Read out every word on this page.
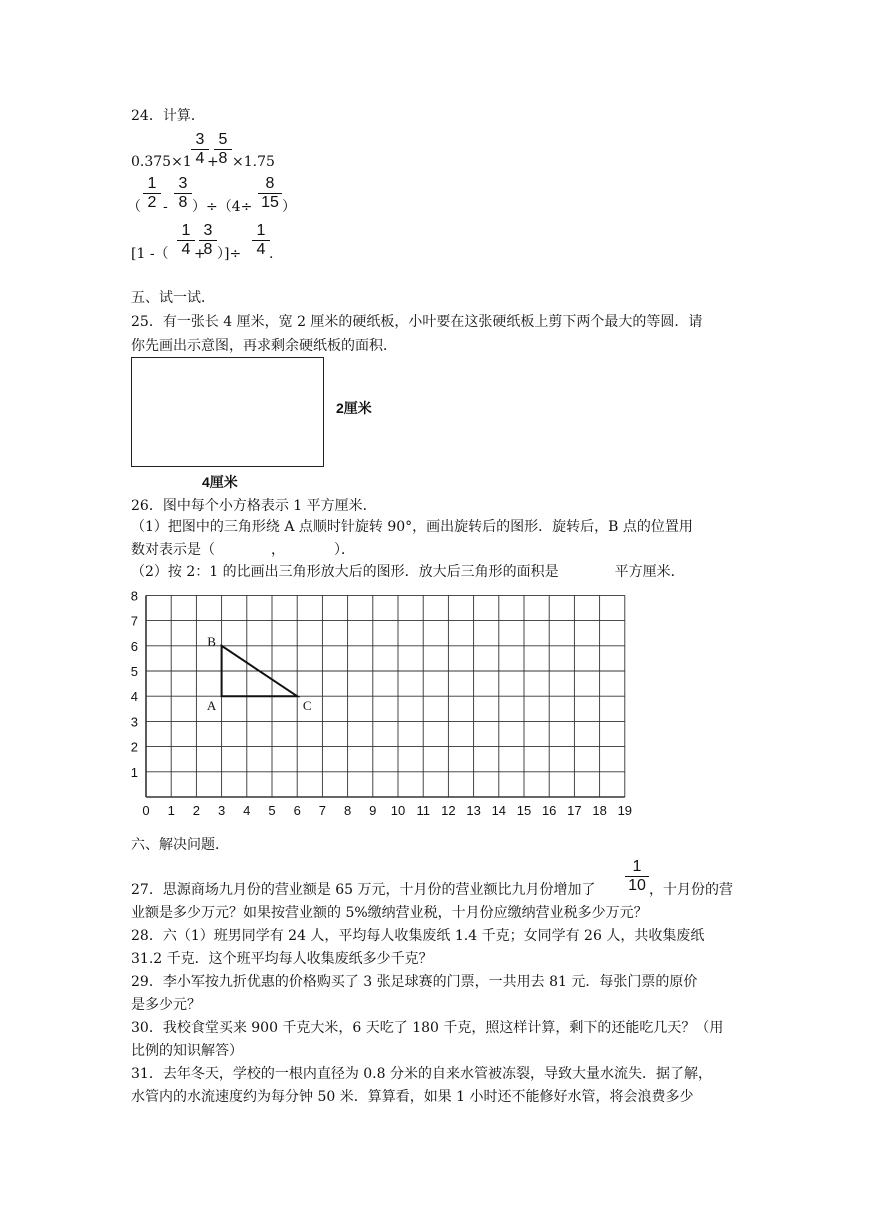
24．计算．
$0.375\times 1 \frac{3}{4}$
+
$\frac{5}{8} \times 1.75$
（ $\frac{1}{2} - \frac{3}{8} )\div(4\div \frac{8}{15}$ ）
[1 -（ $\frac{1}{4}$ +
$\frac{3}{8}$ ）]÷ $\frac{1}{4}$ .
五、试一试．
25．有一张长 4 厘米，宽 2 厘米的硬纸板，小叶要在这张硬纸板上剪下两个最大的等圆．请
你先画出示意图，再求剩余硬纸板的面积．
2厘米
4厘米
26．图中每个小方格表示 1 平方厘米．
（1）把图中的三角形绕 A 点顺时针旋转 90°，画出旋转后的图形．旋转后，B 点的位置用
数对表示是（　　　　，　　　　）．
（2）按 2：1 的比画出三角形放大后的图形．放大后三角形的面积是　　　　平方厘米．
0 1 2 3 4 5 6 7 8 9 10 11 12 13 14 15 16 17 18 19
1
2
3
4
5
6
7
8
A
B
C
六、解决问题．
$\frac{1}{10}$
27．思源商场九月份的营业额是 65 万元，十月份的营业额比九月份增加了	，十月份的营
业额是多少万元？如果按营业额的 5%缴纳营业税，十月份应缴纳营业税多少万元？
28．六（1）班男同学有 24 人，平均每人收集废纸 1.4 千克；女同学有 26 人，共收集废纸
31.2 千克．这个班平均每人收集废纸多少千克？
29．李小军按九折优惠的价格购买了 3 张足球赛的门票，一共用去 81 元．每张门票的原价
是多少元？
30．我校食堂买来 900 千克大米，6 天吃了 180 千克，照这样计算，剩下的还能吃几天？（用
比例的知识解答）
31．去年冬天，学校的一根内直径为 0.8 分米的自来水管被冻裂，导致大量水流失．据了解，
水管内的水流速度约为每分钟 50 米．算算看，如果 1 小时还不能修好水管，将会浪费多少
